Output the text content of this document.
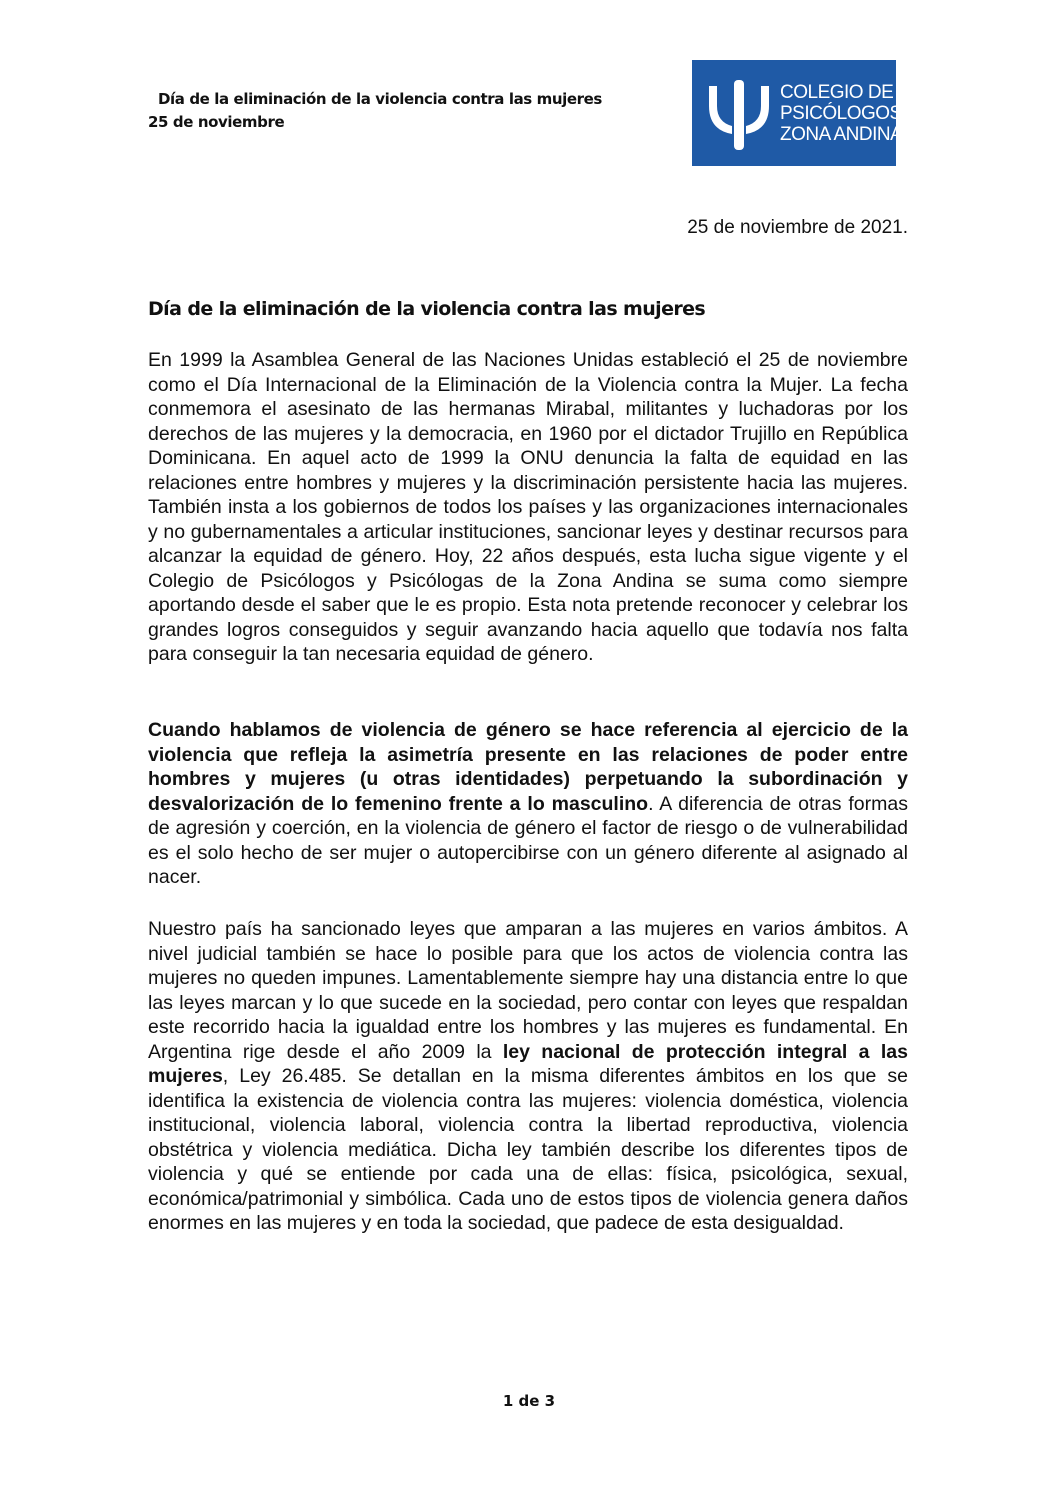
Día de la eliminación de la violencia contra las mujeres
25 de noviembre
COLEGIO DE
PSICÓLOGOS
ZONA ANDINA
25 de noviembre de 2021.
Día de la eliminación de la violencia contra las mujeres

En 1999 la Asamblea General de las Naciones Unidas estableció el 25 de noviembre como el Día Internacional de la Eliminación de la Violencia contra la Mujer. La fecha conmemora el asesinato de las hermanas Mirabal, militantes y luchadoras por los derechos de las mujeres y la democracia, en 1960 por el dictador Trujillo en República Dominicana. En aquel acto de 1999 la ONU denuncia la falta de equidad en las relaciones entre hombres y mujeres y la discriminación persistente hacia las mujeres. También insta a los gobiernos de todos los países y las organizaciones internacionales y no gubernamentales a articular instituciones, sancionar leyes y destinar recursos para alcanzar la equidad de género. Hoy, 22 años después, esta lucha sigue vigente y el Colegio de Psicólogos y Psicólogas de la Zona Andina se suma como siempre aportando desde el saber que le es propio. Esta nota pretende reconocer y celebrar los grandes logros conseguidos y seguir avanzando hacia aquello que todavía nos falta para conseguir la tan necesaria equidad de género.

Cuando hablamos de violencia de género se hace referencia al ejercicio de la violencia que refleja la asimetría presente en las relaciones de poder entre hombres y mujeres (u otras identidades) perpetuando la subordinación y desvalorización de lo femenino frente a lo masculino. A diferencia de otras formas de agresión y coerción, en la violencia de género el factor de riesgo o de vulnerabilidad es el solo hecho de ser mujer o autopercibirse con un género diferente al asignado al nacer.

Nuestro país ha sancionado leyes que amparan a las mujeres en varios ámbitos. A nivel judicial también se hace lo posible para que los actos de violencia contra las mujeres no queden impunes. Lamentablemente siempre hay una distancia entre lo que las leyes marcan y lo que sucede en la sociedad, pero contar con leyes que respaldan este recorrido hacia la igualdad entre los hombres y las mujeres es fundamental. En Argentina rige desde el año 2009 la ley nacional de protección integral a las mujeres, Ley 26.485. Se detallan en la misma diferentes ámbitos en los que se identifica la existencia de violencia contra las mujeres: violencia doméstica, violencia institucional, violencia laboral, violencia contra la libertad reproductiva, violencia obstétrica y violencia mediática. Dicha ley también describe los diferentes tipos de violencia y qué se entiende por cada una de ellas: física, psicológica, sexual, económica/patrimonial y simbólica. Cada uno de estos tipos de violencia genera daños enormes en las mujeres y en toda la sociedad, que padece de esta desigualdad.

1 de 3
